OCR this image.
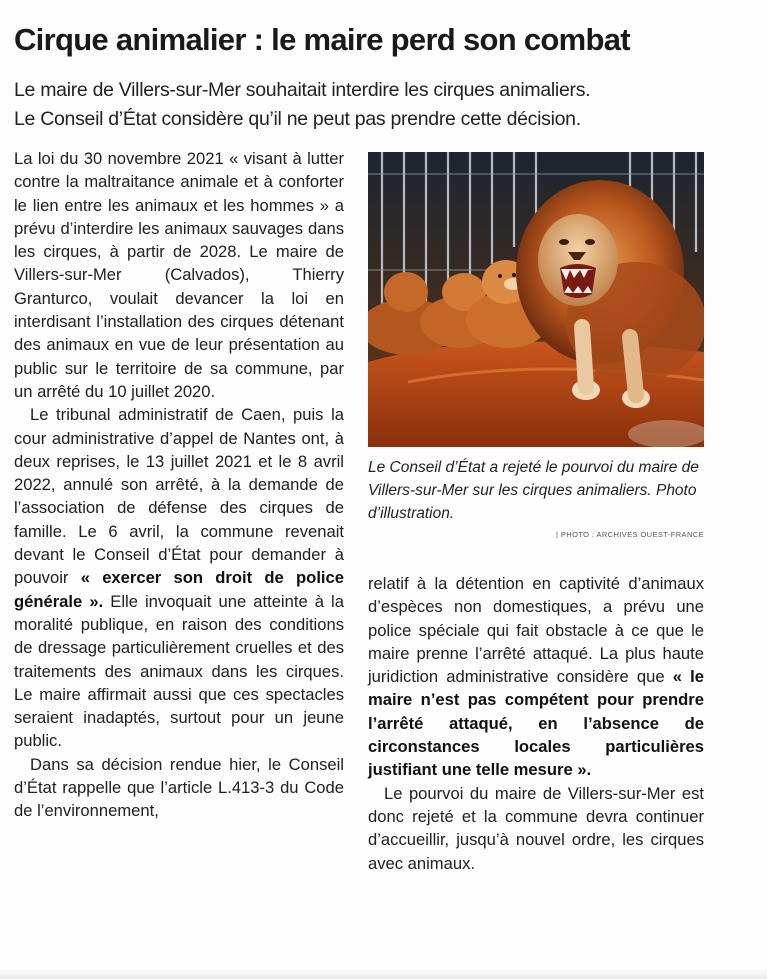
Cirque animalier : le maire perd son combat

Le maire de Villers-sur-Mer souhaitait interdire les cirques animaliers.
Le Conseil d’État considère qu’il ne peut pas prendre cette décision.

La loi du 30 novembre 2021 « visant à lutter contre la maltraitance animale et à conforter le lien entre les animaux et les hommes » a prévu d’interdire les animaux sauvages dans les cirques, à partir de 2028. Le maire de Villers-sur-Mer (Calvados), Thierry Granturco, voulait devancer la loi en interdisant l’installation des cirques détenant des animaux en vue de leur présentation au public sur le territoire de sa commune, par un arrêté du 10 juillet 2020.

Le tribunal administratif de Caen, puis la cour administrative d’appel de Nantes ont, à deux reprises, le 13 juillet 2021 et le 8 avril 2022, annulé son arrêté, à la demande de l’association de défense des cirques de famille. Le 6 avril, la commune revenait devant le Conseil d’État pour demander à pouvoir « exercer son droit de police générale ». Elle invoquait une atteinte à la moralité publique, en raison des conditions de dressage particulièrement cruelles et des traitements des animaux dans les cirques. Le maire affirmait aussi que ces spectacles seraient inadaptés, surtout pour un jeune public.

Dans sa décision rendue hier, le Conseil d’État rappelle que l’article L.413-3 du Code de l’environnement,

Le Conseil d’État a rejeté le pourvoi du maire de Villers-sur-Mer sur les cirques animaliers. Photo d’illustration.

| PHOTO : ARCHIVES OUEST-FRANCE

relatif à la détention en captivité d’animaux d’espèces non domestiques, a prévu une police spéciale qui fait obstacle à ce que le maire prenne l’arrêté attaqué. La plus haute juridiction administrative considère que « le maire n’est pas compétent pour prendre l’arrêté attaqué, en l’absence de circonstances locales particulières justifiant une telle mesure ».

Le pourvoi du maire de Villers-sur-Mer est donc rejeté et la commune devra continuer d’accueillir, jusqu’à nouvel ordre, les cirques avec animaux.
